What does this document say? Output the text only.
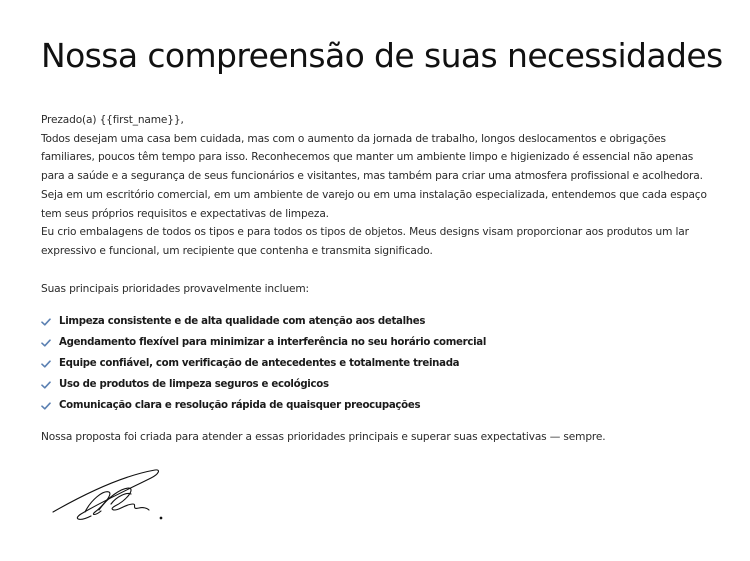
Nossa compreensão de suas necessidades

Prezado(a) {{first_name}},

Todos desejam uma casa bem cuidada, mas com o aumento da jornada de trabalho, longos deslocamentos e obrigações familiares, poucos têm tempo para isso. Reconhecemos que manter um ambiente limpo e higienizado é essencial não apenas para a saúde e a segurança de seus funcionários e visitantes, mas também para criar uma atmosfera profissional e acolhedora. Seja em um escritório comercial, em um ambiente de varejo ou em uma instalação especializada, entendemos que cada espaço tem seus próprios requisitos e expectativas de limpeza.

Eu crio embalagens de todos os tipos e para todos os tipos de objetos. Meus designs visam proporcionar aos produtos um lar expressivo e funcional, um recipiente que contenha e transmita significado.

Suas principais prioridades provavelmente incluem:

Limpeza consistente e de alta qualidade com atenção aos detalhes
Agendamento flexível para minimizar a interferência no seu horário comercial
Equipe confiável, com verificação de antecedentes e totalmente treinada
Uso de produtos de limpeza seguros e ecológicos
Comunicação clara e resolução rápida de quaisquer preocupações

Nossa proposta foi criada para atender a essas prioridades principais e superar suas expectativas — sempre.
